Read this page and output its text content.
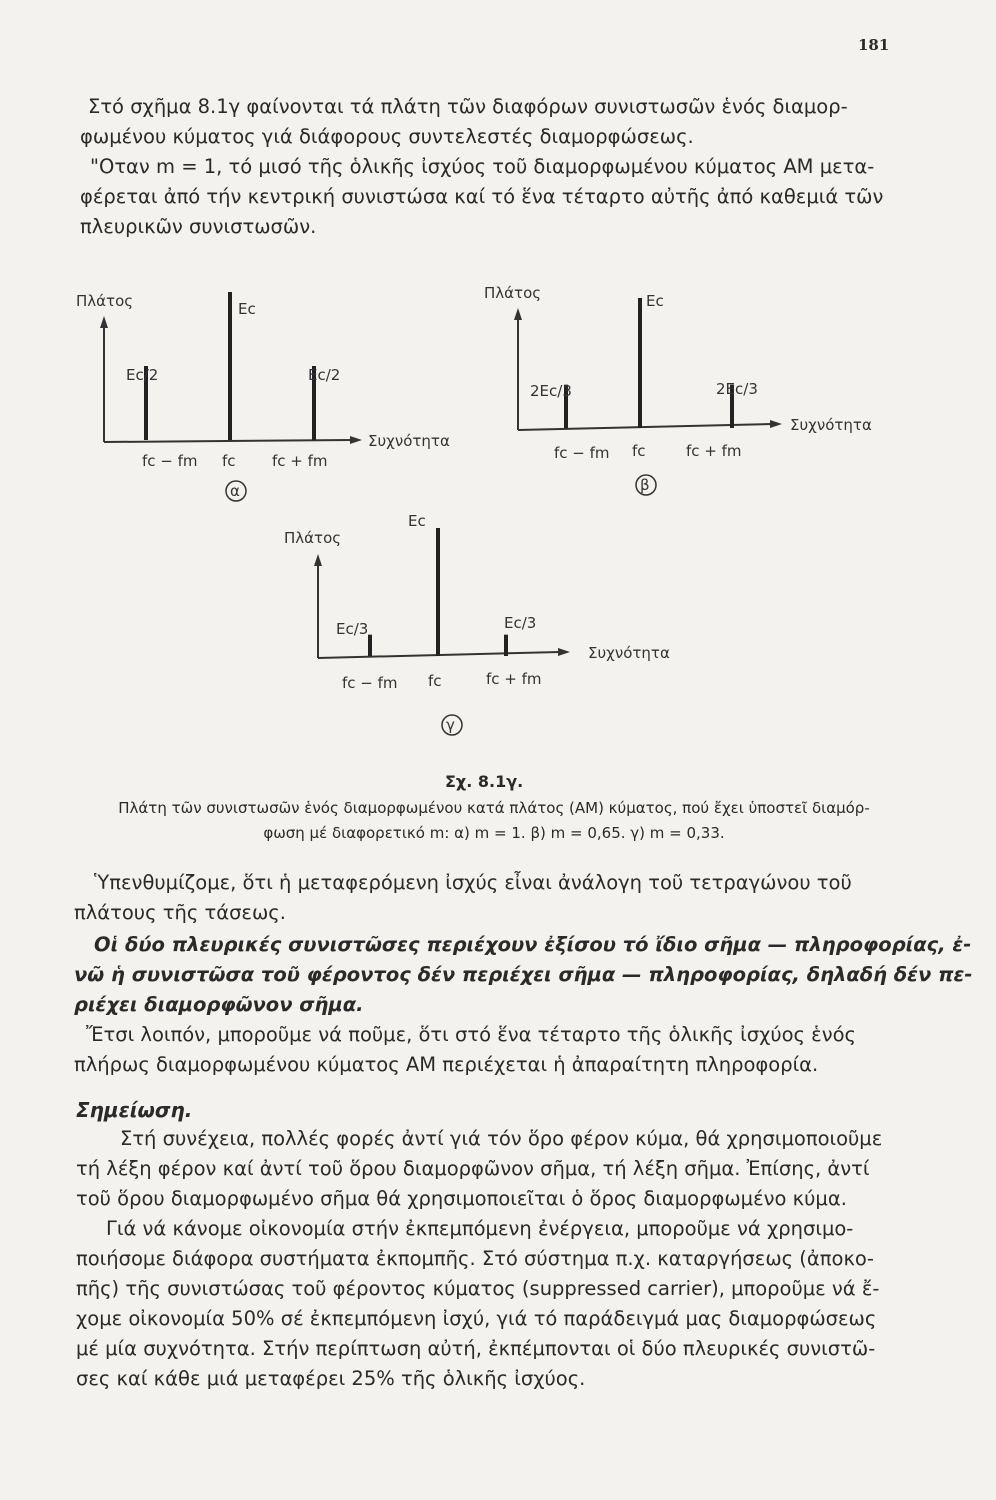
181
Στό σχῆμα 8.1γ φαίνονται τά πλάτη τῶν διαφόρων συνιστωσῶν ἑνός διαμορ-
φωμένου κύματος γιά διάφορους συντελεστές διαμορφώσεως.
"Οταν m = 1, τό μισό τῆς ὁλικῆς ἰσχύος τοῦ διαμορφωμένου κύματος AM μετα-
φέρεται ἀπό τήν κεντρική συνιστώσα καί τό ἕνα τέταρτο αὐτῆς ἀπό καθεμιά τῶν
πλευρικῶν συνιστωσῶν.
Πλάτος
Συχνότητα
Ec/2
Ec
Ec/2
fc − fm fc fc + fm
α
Πλάτος
Συχνότητα
2Ec/3
Ec
2Ec/3
fc − fm fc	fc + fm
β
Πλάτος
Συχνότητα
Ec/3
Ec
Ec/3
fc − fm fc	fc + fm
γ
Σχ. 8.1γ.
Πλάτη τῶν συνιστωσῶν ἑνός διαμορφωμένου κατά πλάτος (AM) κύματος, πού ἔχει ὑποστεῖ διαμόρ-
φωση μέ διαφορετικό m: α) m = 1. β) m = 0,65. γ) m = 0,33.
Ὑπενθυμίζομε, ὅτι ἡ μεταφερόμενη ἰσχύς εἶναι ἀνάλογη τοῦ τετραγώνου τοῦ
πλάτους τῆς τάσεως.
Οἱ δύο πλευρικές συνιστῶσες περιέχουν ἐξίσου τό ἴδιο σῆμα — πληροφορίας, ἐ-
νῶ ἡ συνιστῶσα τοῦ φέροντος δέν περιέχει σῆμα — πληροφορίας, δηλαδή δέν πε-
ριέχει διαμορφῶνον σῆμα.
Ἔτσι λοιπόν, μποροῦμε νά ποῦμε, ὅτι στό ἕνα τέταρτο τῆς ὁλικῆς ἰσχύος ἑνός
πλήρως διαμορφωμένου κύματος AM περιέχεται ἡ ἀπαραίτητη πληροφορία.
Σημείωση.
Στή συνέχεια, πολλές φορές ἀντί γιά τόν ὅρο φέρον κύμα, θά χρησιμοποιοῦμε
τή λέξη φέρον καί ἀντί τοῦ ὅρου διαμορφῶνον σῆμα, τή λέξη σῆμα. Ἐπίσης, ἀντί
τοῦ ὅρου διαμορφωμένο σῆμα θά χρησιμοποιεῖται ὁ ὅρος διαμορφωμένο κύμα.
Γιά νά κάνομε οἰκονομία στήν ἐκπεμπόμενη ἐνέργεια, μποροῦμε νά χρησιμο-
ποιήσομε διάφορα συστήματα ἐκπομπῆς. Στό σύστημα π.χ. καταργήσεως (ἀποκο-
πῆς) τῆς συνιστώσας τοῦ φέροντος κύματος (suppressed carrier), μποροῦμε νά ἔ-
χομε οἰκονομία 50% σέ ἐκπεμπόμενη ἰσχύ, γιά τό παράδειγμά μας διαμορφώσεως
μέ μία συχνότητα. Στήν περίπτωση αὐτή, ἐκπέμπονται οἱ δύο πλευρικές συνιστῶ-
σες καί κάθε μιά μεταφέρει 25% τῆς ὁλικῆς ἰσχύος.
